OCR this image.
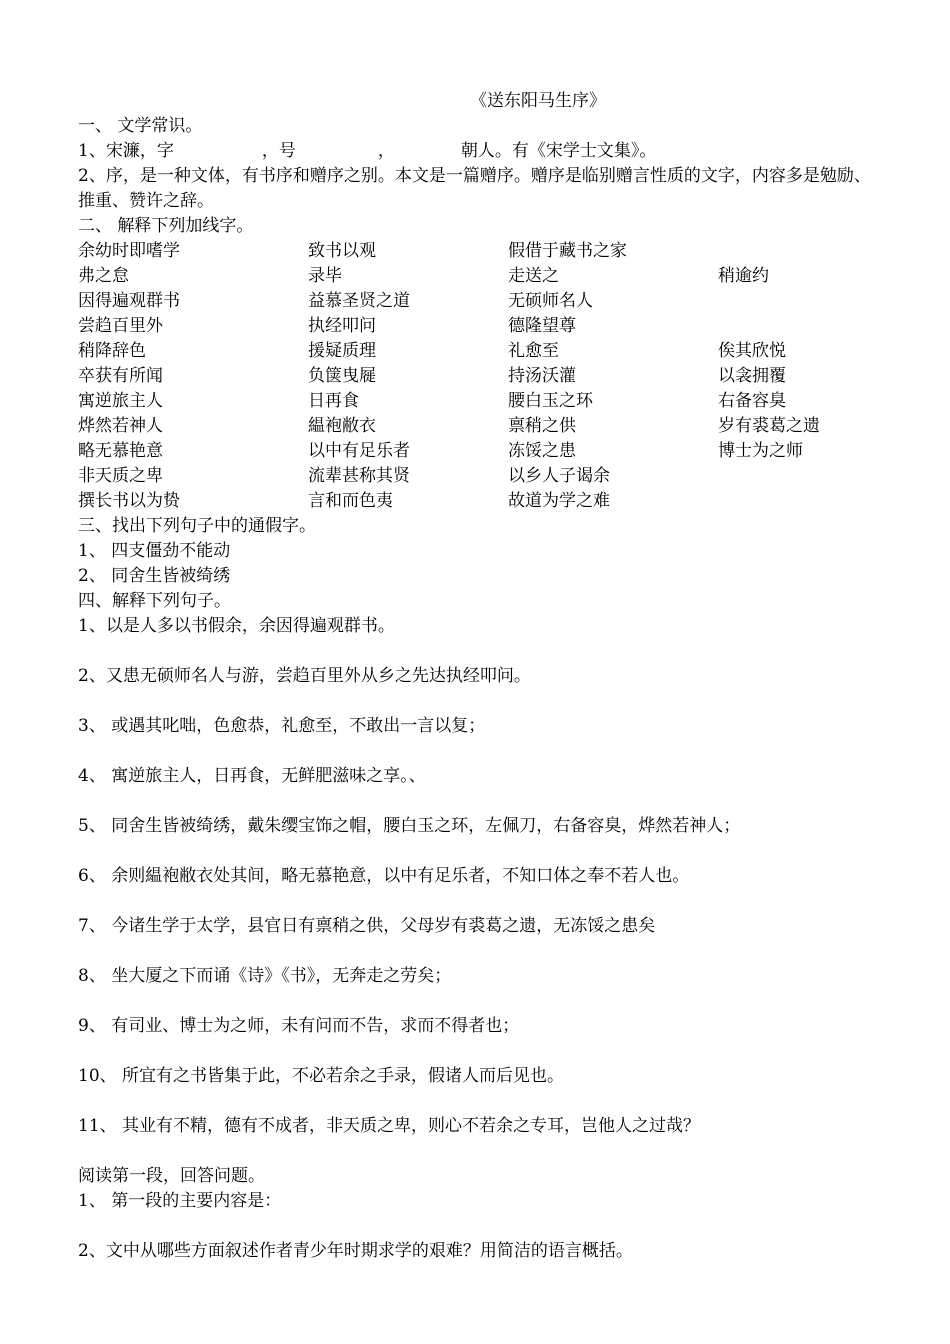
《送东阳马生序》
一、 文学常识。
1、宋濂，字	，号	，	朝人。有《宋学士文集》。
2、序，是一种文体，有书序和赠序之别。本文是一篇赠序。赠序是临别赠言性质的文字，内容多是勉励、推重、赞许之辞。
二、 解释下列加线字。
余幼时即嗜学	致书以观	假借于藏书之家
弗之怠	录毕	走送之	稍逾约
因得遍观群书	益慕圣贤之道	无硕师名人
尝趋百里外	执经叩问	德隆望尊
稍降辞色	援疑质理	礼愈至	俟其欣悦
卒获有所闻	负箧曳屣	持汤沃灌	以衾拥覆
寓逆旅主人	日再食	腰白玉之环	右备容臭
烨然若神人	緼袍敝衣	禀稍之供	岁有裘葛之遗
略无慕艳意	以中有足乐者	冻馁之患	博士为之师
非天质之卑	流辈甚称其贤	以乡人子谒余
撰长书以为贽	言和而色夷	故道为学之难
三、找出下列句子中的通假字。
1、 四支僵劲不能动
2、 同舍生皆被绮绣
四、解释下列句子。
1、以是人多以书假余，余因得遍观群书。
2、又患无硕师名人与游，尝趋百里外从乡之先达执经叩问。
3、 或遇其叱咄，色愈恭，礼愈至，不敢出一言以复；
4、 寓逆旅主人，日再食，无鲜肥滋味之享。、
5、 同舍生皆被绮绣，戴朱缨宝饰之帽，腰白玉之环，左佩刀，右备容臭，烨然若神人；
6、 余则緼袍敝衣处其间，略无慕艳意，以中有足乐者，不知口体之奉不若人也。
7、 今诸生学于太学，县官日有禀稍之供，父母岁有裘葛之遗，无冻馁之患矣
8、 坐大厦之下而诵《诗》《书》，无奔走之劳矣；
9、 有司业、博士为之师，未有问而不告，求而不得者也；
10、 所宜有之书皆集于此，不必若余之手录，假诸人而后见也。
11、 其业有不精，德有不成者，非天质之卑，则心不若余之专耳，岂他人之过哉？
阅读第一段，回答问题。
1、 第一段的主要内容是：
2、文中从哪些方面叙述作者青少年时期求学的艰难？用简洁的语言概括。
